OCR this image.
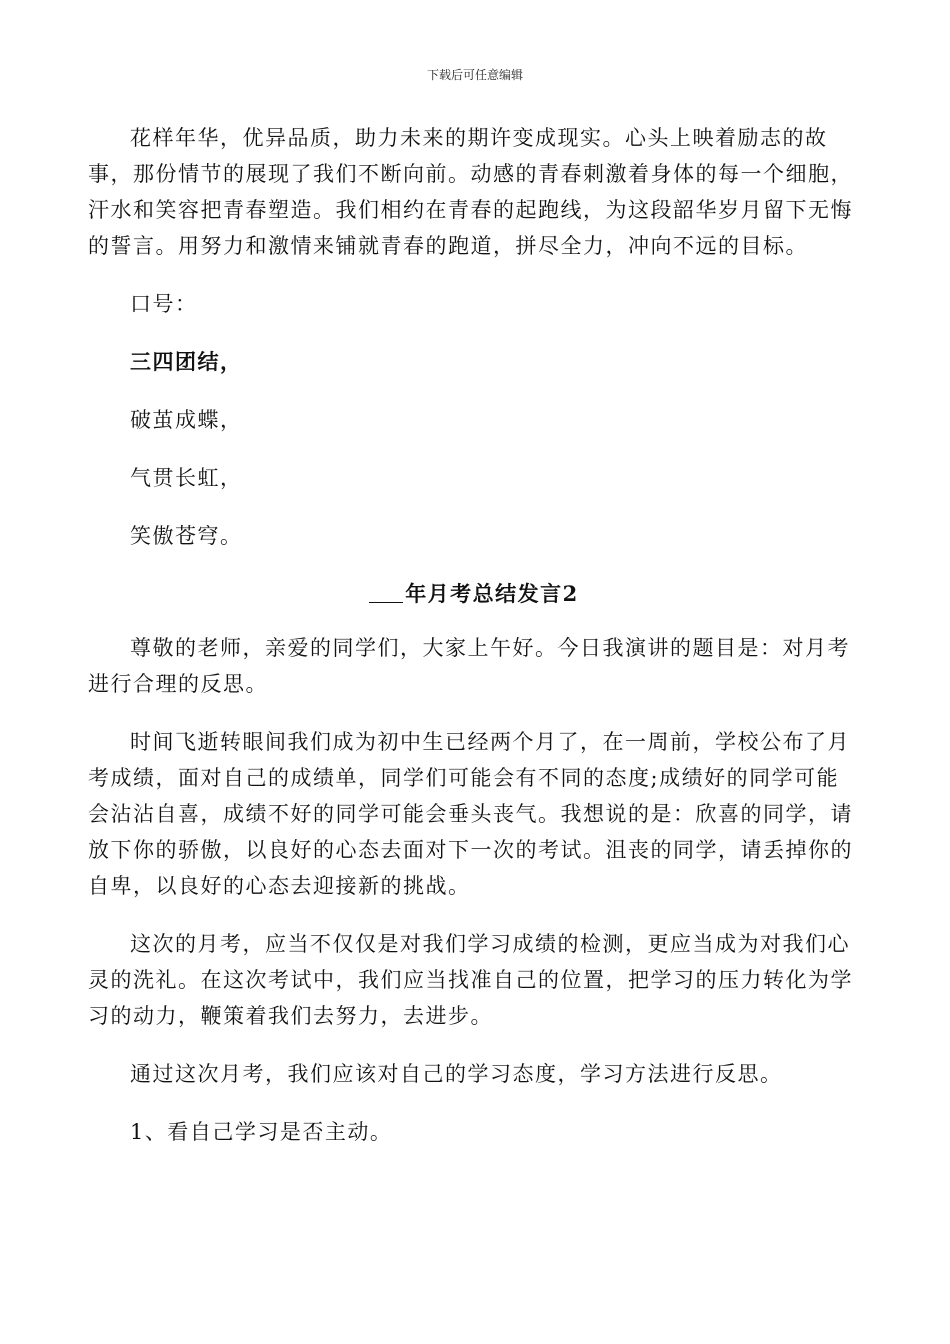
下载后可任意编辑

花样年华，优异品质，助力未来的期许变成现实。心头上映着励志的故事，那份情节的展现了我们不断向前。动感的青春刺激着身体的每一个细胞，汗水和笑容把青春塑造。我们相约在青春的起跑线，为这段韶华岁月留下无悔的誓言。用努力和激情来铺就青春的跑道，拼尽全力，冲向不远的目标。

口号：

三四团结，

破茧成蝶，

气贯长虹，

笑傲苍穹。

年月考总结发言2

尊敬的老师，亲爱的同学们，大家上午好。今日我演讲的题目是：对月考进行合理的反思。

时间飞逝转眼间我们成为初中生已经两个月了，在一周前，学校公布了月考成绩，面对自己的成绩单，同学们可能会有不同的态度;成绩好的同学可能会沾沾自喜，成绩不好的同学可能会垂头丧气。我想说的是：欣喜的同学，请放下你的骄傲，以良好的心态去面对下一次的考试。沮丧的同学，请丢掉你的自卑，以良好的心态去迎接新的挑战。

这次的月考，应当不仅仅是对我们学习成绩的检测，更应当成为对我们心灵的洗礼。在这次考试中，我们应当找准自己的位置，把学习的压力转化为学习的动力，鞭策着我们去努力，去进步。

通过这次月考，我们应该对自己的学习态度，学习方法进行反思。

1、看自己学习是否主动。
